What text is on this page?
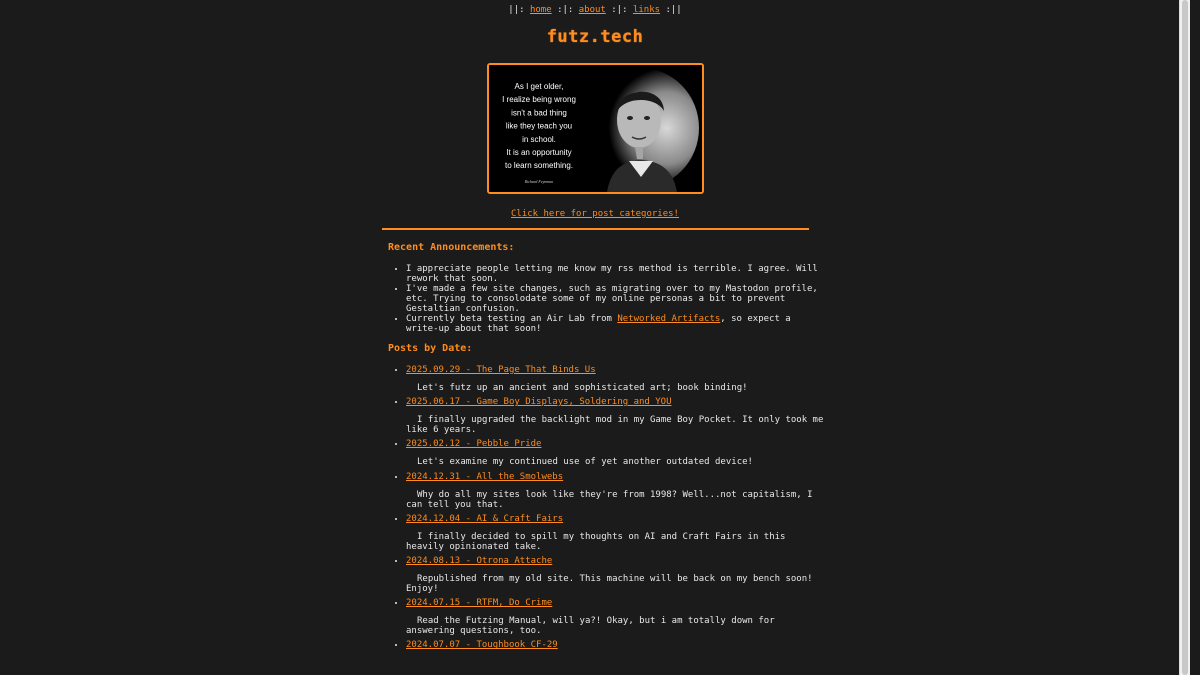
||: home :|: about :|: links :||
futz.tech
As I get older,
I realize being wrong
isn't a bad thing
like they teach you
in school.
It is an opportunity
to learn something.
Richard Feynman
Click here for post categories!
Recent Announcements:
• I appreciate people letting me know my rss method is terrible. I agree. Will rework that soon.
• I've made a few site changes, such as migrating over to my Mastodon profile, etc. Trying to consolodate some of my online personas a bit to prevent Gestaltian confusion.
• Currently beta testing an Air Lab from Networked Artifacts, so expect a write-up about that soon!
Posts by Date:
• 2025.09.29 - The Page That Binds Us

Let's futz up an ancient and sophisticated art; book binding!

• 2025.06.17 - Game Boy Displays, Soldering and YOU

I finally upgraded the backlight mod in my Game Boy Pocket. It only took me like 6 years.

• 2025.02.12 - Pebble Pride

Let's examine my continued use of yet another outdated device!

• 2024.12.31 - All the Smolwebs

Why do all my sites look like they're from 1998? Well...not capitalism, I can tell you that.

• 2024.12.04 - AI & Craft Fairs

I finally decided to spill my thoughts on AI and Craft Fairs in this heavily opinionated take.

• 2024.08.13 - Otrona Attache

Republished from my old site. This machine will be back on my bench soon! Enjoy!

• 2024.07.15 - RTFM, Do Crime

Read the Futzing Manual, will ya?! Okay, but i am totally down for answering questions, too.

• 2024.07.07 - Toughbook CF-29
